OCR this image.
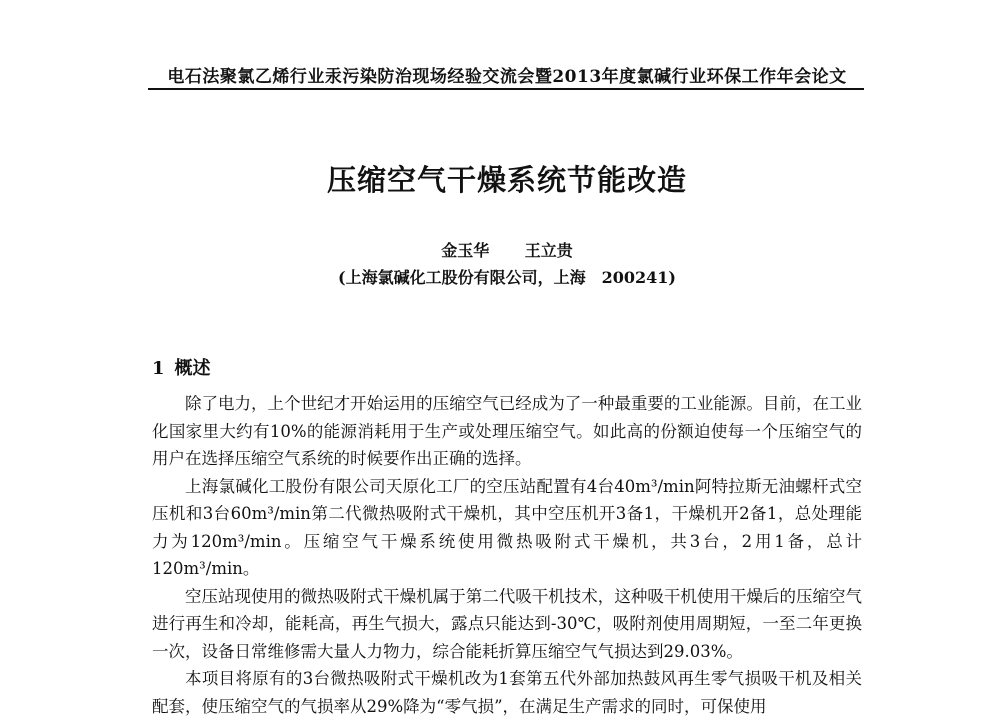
电石法聚氯乙烯行业汞污染防治现场经验交流会暨2013年度氯碱行业环保工作年会论文
压缩空气干燥系统节能改造
金玉华 王立贵
(上海氯碱化工股份有限公司，上海　200241)
1 概述

除了电力，上个世纪才开始运用的压缩空气已经成为了一种最重要的工业能源。目前，在工业化国家里大约有10%的能源消耗用于生产或处理压缩空气。如此高的份额迫使每一个压缩空气的用户在选择压缩空气系统的时候要作出正确的选择。

上海氯碱化工股份有限公司天原化工厂的空压站配置有4台40m³/min阿特拉斯无油螺杆式空压机和3台60m³/min第二代微热吸附式干燥机，其中空压机开3备1，干燥机开2备1，总处理能力为120m³/min。压缩空气干燥系统使用微热吸附式干燥机，共3台，2用1备，总计120m³/min。

空压站现使用的微热吸附式干燥机属于第二代吸干机技术，这种吸干机使用干燥后的压缩空气进行再生和冷却，能耗高，再生气损大，露点只能达到-30℃，吸附剂使用周期短，一至二年更换一次，设备日常维修需大量人力物力，综合能耗折算压缩空气气损达到29.03%。

本项目将原有的3台微热吸附式干燥机改为1套第五代外部加热鼓风再生零气损吸干机及相关配套，使压缩空气的气损率从29%降为“零气损”，在满足生产需求的同时，可保使用
